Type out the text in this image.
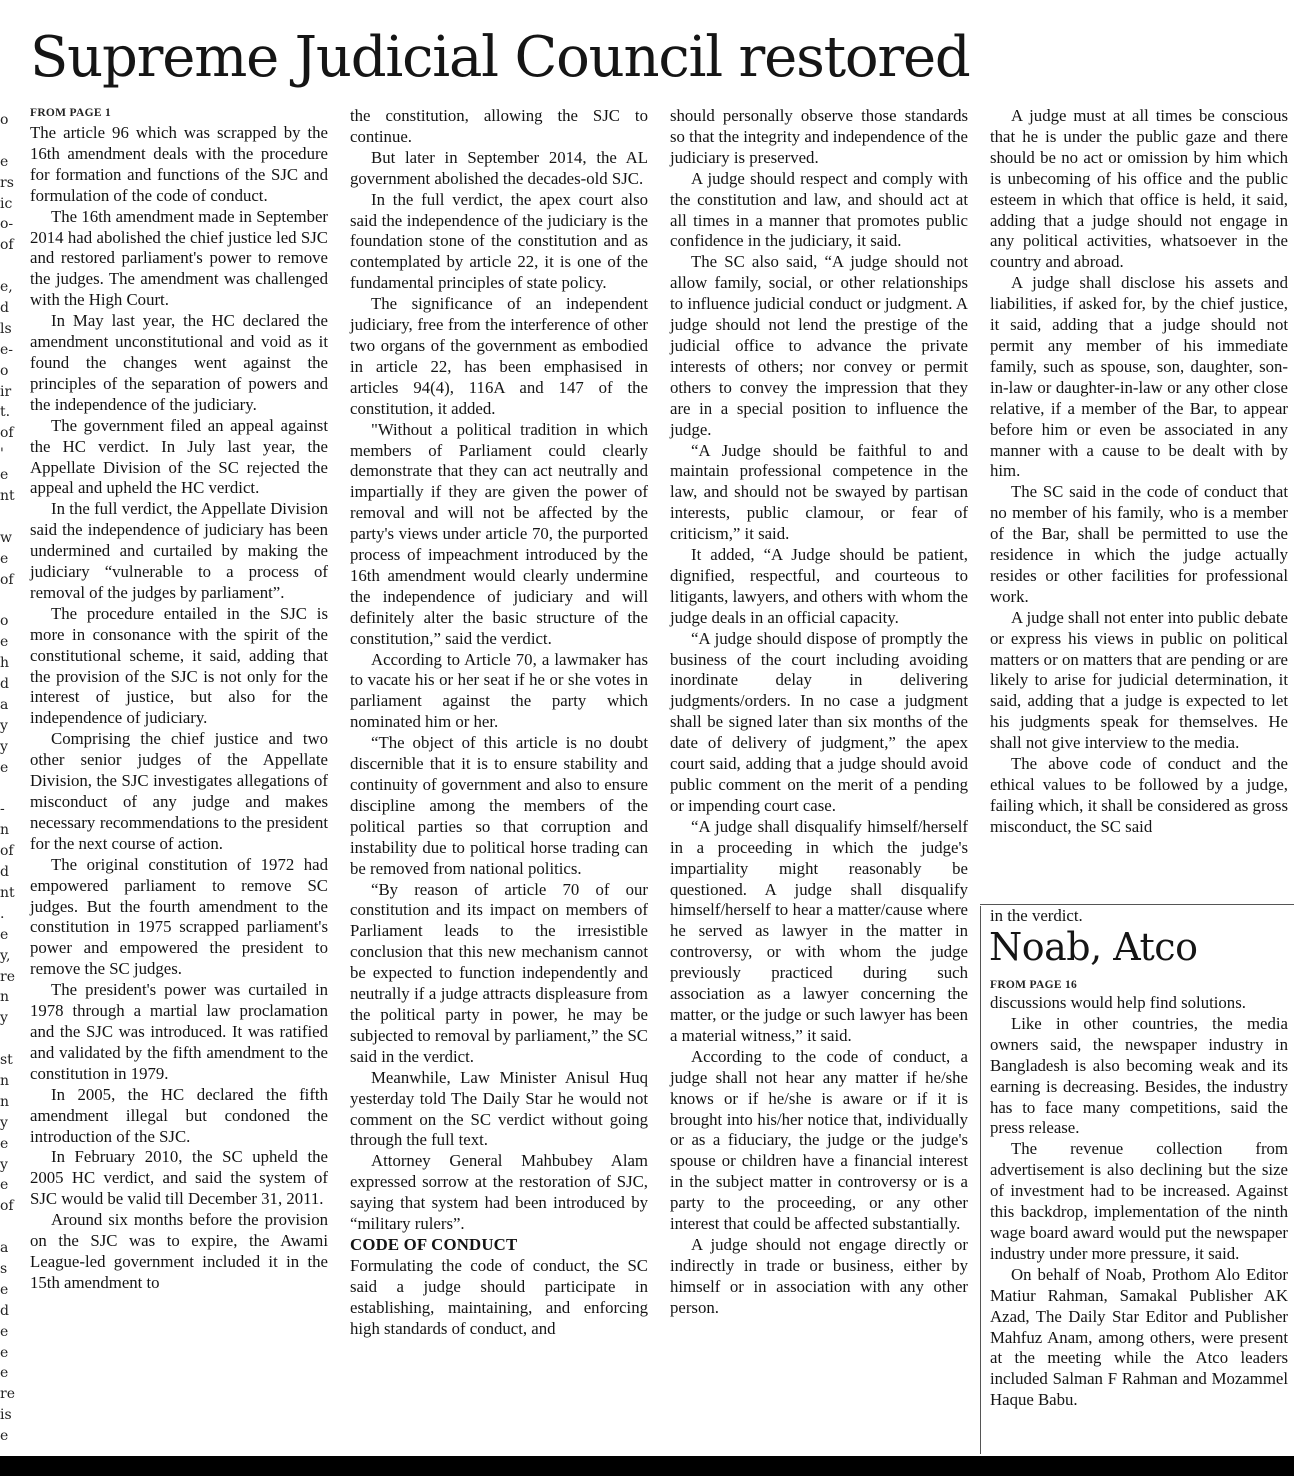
Supreme Judicial Council restored
o
e
rs
ic
o-
of
e,
d
ls
e-
o
ir
t.
of
'
e
nt
w
e
of
o
e
h
d
a
y
y
e
-
n
of
d
nt
.
e
y,
re
n
y
st
n
n
y
e
y
e
of
a
s
e
d
e
e
e
re
is
e
FROM PAGE 1

The article 96 which was scrapped by the 16th amendment deals with the procedure for formation and functions of the SJC and formulation of the code of conduct.

The 16th amendment made in September 2014 had abolished the chief justice led SJC and restored parliament's power to remove the judges. The amendment was challenged with the High Court.

In May last year, the HC declared the amendment unconstitutional and void as it found the changes went against the principles of the separation of powers and the independence of the judiciary.

The government filed an appeal against the HC verdict. In July last year, the Appellate Division of the SC rejected the appeal and upheld the HC verdict.

In the full verdict, the Appellate Division said the independence of judiciary has been undermined and curtailed by making the judiciary “vulnerable to a process of removal of the judges by parliament”.

The procedure entailed in the SJC is more in consonance with the spirit of the constitutional scheme, it said, adding that the provision of the SJC is not only for the interest of justice, but also for the independence of judiciary.

Comprising the chief justice and two other senior judges of the Appellate Division, the SJC investigates allegations of misconduct of any judge and makes necessary recommendations to the president for the next course of action.

The original constitution of 1972 had empowered parliament to remove SC judges. But the fourth amendment to the constitution in 1975 scrapped parliament's power and empowered the president to remove the SC judges.

The president's power was curtailed in 1978 through a martial law proclamation and the SJC was introduced. It was ratified and validated by the fifth amendment to the constitution in 1979.

In 2005, the HC declared the fifth amendment illegal but condoned the introduction of the SJC.

In February 2010, the SC upheld the 2005 HC verdict, and said the system of SJC would be valid till December 31, 2011.

Around six months before the provision on the SJC was to expire, the Awami League-led government included it in the 15th amendment to

the constitution, allowing the SJC to continue.

But later in September 2014, the AL government abolished the decades-old SJC.

In the full verdict, the apex court also said the independence of the judiciary is the foundation stone of the constitution and as contemplated by article 22, it is one of the fundamental principles of state policy.

The significance of an independent judiciary, free from the interference of other two organs of the government as embodied in article 22, has been emphasised in articles 94(4), 116A and 147 of the constitution, it added.

"Without a political tradition in which members of Parliament could clearly demonstrate that they can act neutrally and impartially if they are given the power of removal and will not be affected by the party's views under article 70, the purported process of impeachment introduced by the 16th amendment would clearly undermine the independence of judiciary and will definitely alter the basic structure of the constitution,” said the verdict.

According to Article 70, a lawmaker has to vacate his or her seat if he or she votes in parliament against the party which nominated him or her.

“The object of this article is no doubt discernible that it is to ensure stability and continuity of government and also to ensure discipline among the members of the political parties so that corruption and instability due to political horse trading can be removed from national politics.

“By reason of article 70 of our constitution and its impact on members of Parliament leads to the irresistible conclusion that this new mechanism cannot be expected to function independently and neutrally if a judge attracts displeasure from the political party in power, he may be subjected to removal by parliament,” the SC said in the verdict.

Meanwhile, Law Minister Anisul Huq yesterday told The Daily Star he would not comment on the SC verdict without going through the full text.

Attorney General Mahbubey Alam expressed sorrow at the restoration of SJC, saying that system had been introduced by “military rulers”.

CODE OF CONDUCT

Formulating the code of conduct, the SC said a judge should participate in establishing, maintaining, and enforcing high standards of conduct, and

should personally observe those standards so that the integrity and independence of the judiciary is preserved.

A judge should respect and comply with the constitution and law, and should act at all times in a manner that promotes public confidence in the judiciary, it said.

The SC also said, “A judge should not allow family, social, or other relationships to influence judicial conduct or judgment. A judge should not lend the prestige of the judicial office to advance the private interests of others; nor convey or permit others to convey the impression that they are in a special position to influence the judge.

“A Judge should be faithful to and maintain professional competence in the law, and should not be swayed by partisan interests, public clamour, or fear of criticism,” it said.

It added, “A Judge should be patient, dignified, respectful, and courteous to litigants, lawyers, and others with whom the judge deals in an official capacity.

“A judge should dispose of promptly the business of the court including avoiding inordinate delay in delivering judgments/orders. In no case a judgment shall be signed later than six months of the date of delivery of judgment,” the apex court said, adding that a judge should avoid public comment on the merit of a pending or impending court case.

“A judge shall disqualify himself/herself in a proceeding in which the judge's impartiality might reasonably be questioned. A judge shall disqualify himself/herself to hear a matter/cause where he served as lawyer in the matter in controversy, or with whom the judge previously practiced during such association as a lawyer concerning the matter, or the judge or such lawyer has been a material witness,” it said.

According to the code of conduct, a judge shall not hear any matter if he/she knows or if he/she is aware or if it is brought into his/her notice that, individually or as a fiduciary, the judge or the judge's spouse or children have a financial interest in the subject matter in controversy or is a party to the proceeding, or any other interest that could be affected substantially.

A judge should not engage directly or indirectly in trade or business, either by himself or in association with any other person.

A judge must at all times be conscious that he is under the public gaze and there should be no act or omission by him which is unbecoming of his office and the public esteem in which that office is held, it said, adding that a judge should not engage in any political activities, whatsoever in the country and abroad.

A judge shall disclose his assets and liabilities, if asked for, by the chief justice, it said, adding that a judge should not permit any member of his immediate family, such as spouse, son, daughter, son-in-law or daughter-in-law or any other close relative, if a member of the Bar, to appear before him or even be associated in any manner with a cause to be dealt with by him.

The SC said in the code of conduct that no member of his family, who is a member of the Bar, shall be permitted to use the residence in which the judge actually resides or other facilities for professional work.

A judge shall not enter into public debate or express his views in public on political matters or on matters that are pending or are likely to arise for judicial determination, it said, adding that a judge is expected to let his judgments speak for themselves. He shall not give interview to the media.

The above code of conduct and the ethical values to be followed by a judge, failing which, it shall be considered as gross misconduct, the SC said

in the verdict.

Noab, Atco
FROM PAGE 16

discussions would help find solutions.

Like in other countries, the media owners said, the newspaper industry in Bangladesh is also becoming weak and its earning is decreasing. Besides, the industry has to face many competitions, said the press release.

The revenue collection from advertisement is also declining but the size of investment had to be increased. Against this backdrop, implementation of the ninth wage board award would put the newspaper industry under more pressure, it said.

On behalf of Noab, Prothom Alo Editor Matiur Rahman, Samakal Publisher AK Azad, The Daily Star Editor and Publisher Mahfuz Anam, among others, were present at the meeting while the Atco leaders included Salman F Rahman and Mozammel Haque Babu.
